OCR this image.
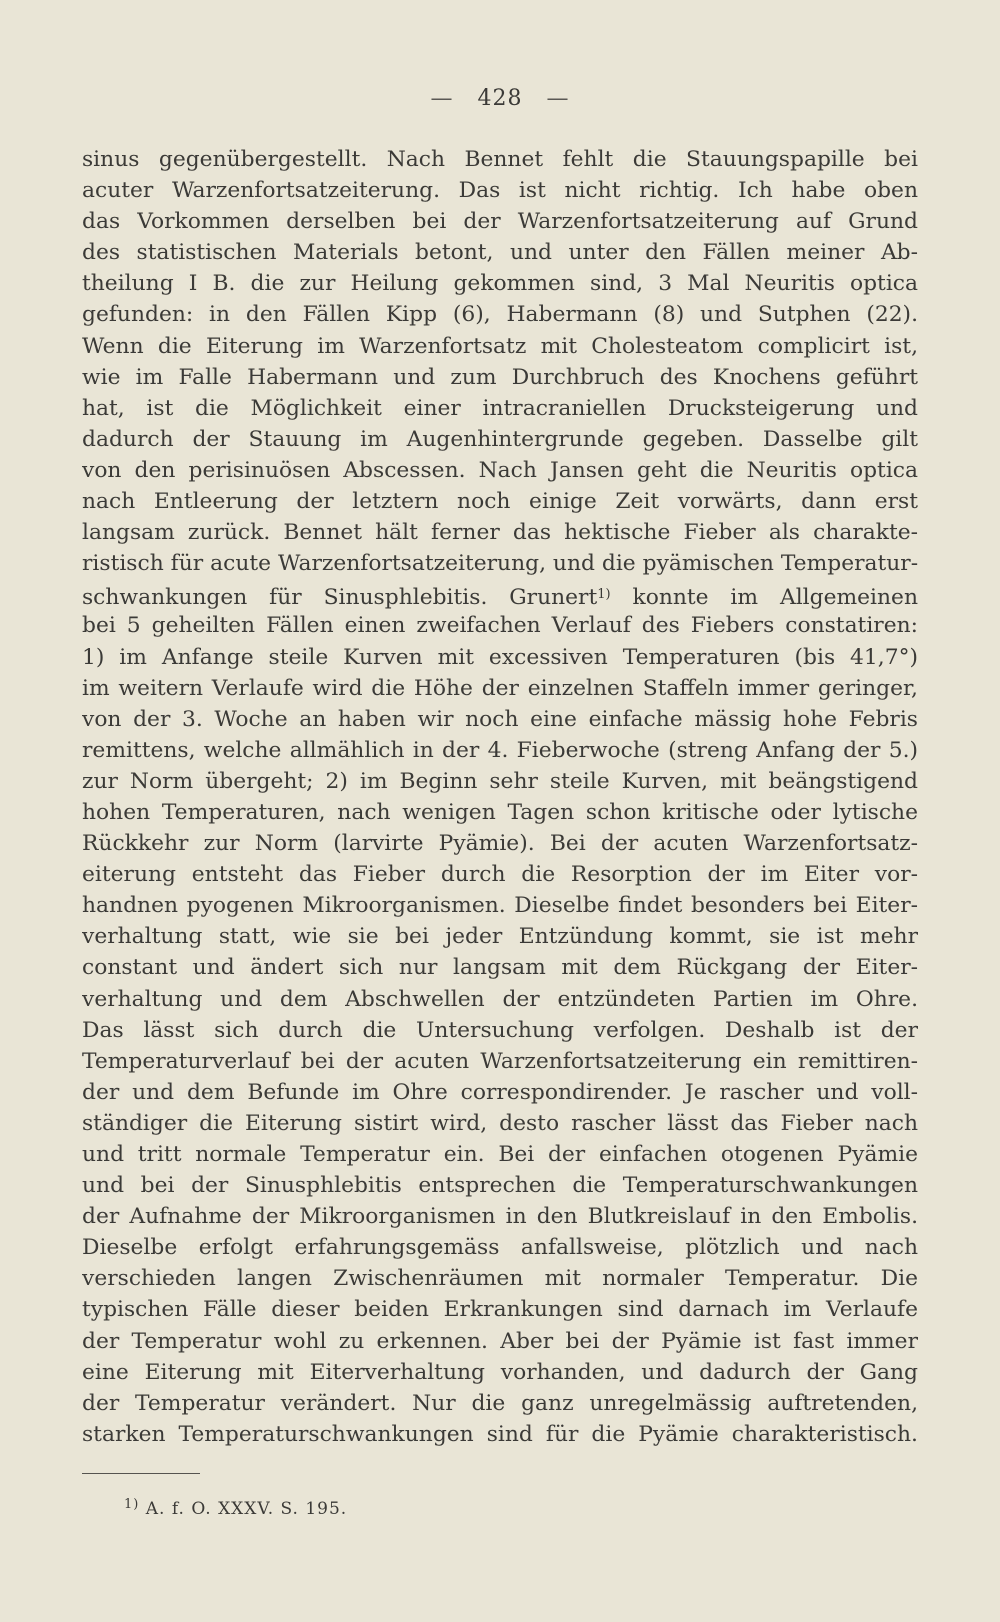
— 428 —
sinus gegenübergestellt. Nach Bennet fehlt die Stauungspapille bei
acuter Warzenfortsatzeiterung. Das ist nicht richtig. Ich habe oben
das Vorkommen derselben bei der Warzenfortsatzeiterung auf Grund
des statistischen Materials betont, und unter den Fällen meiner Ab-
theilung I B. die zur Heilung gekommen sind, 3 Mal Neuritis optica
gefunden: in den Fällen Kipp (6), Habermann (8) und Sutphen (22).
Wenn die Eiterung im Warzenfortsatz mit Cholesteatom complicirt ist,
wie im Falle Habermann und zum Durchbruch des Knochens geführt
hat, ist die Möglichkeit einer intracraniellen Drucksteigerung und
dadurch der Stauung im Augenhintergrunde gegeben. Dasselbe gilt
von den perisinuösen Abscessen. Nach Jansen geht die Neuritis optica
nach Entleerung der letztern noch einige Zeit vorwärts, dann erst
langsam zurück. Bennet hält ferner das hektische Fieber als charakte-
ristisch für acute Warzenfortsatzeiterung, und die pyämischen Temperatur-
schwankungen für Sinusphlebitis. Grunert$^{1)}$ konnte im Allgemeinen
bei 5 geheilten Fällen einen zweifachen Verlauf des Fiebers constatiren:
1) im Anfange steile Kurven mit excessiven Temperaturen (bis 41,7°)
im weitern Verlaufe wird die Höhe der einzelnen Staffeln immer geringer,
von der 3. Woche an haben wir noch eine einfache mässig hohe Febris
remittens, welche allmählich in der 4. Fieberwoche (streng Anfang der 5.)
zur Norm übergeht; 2) im Beginn sehr steile Kurven, mit beängstigend
hohen Temperaturen, nach wenigen Tagen schon kritische oder lytische
Rückkehr zur Norm (larvirte Pyämie). Bei der acuten Warzenfortsatz-
eiterung entsteht das Fieber durch die Resorption der im Eiter vor-
handnen pyogenen Mikroorganismen. Dieselbe findet besonders bei Eiter-
verhaltung statt, wie sie bei jeder Entzündung kommt, sie ist mehr
constant und ändert sich nur langsam mit dem Rückgang der Eiter-
verhaltung und dem Abschwellen der entzündeten Partien im Ohre.
Das lässt sich durch die Untersuchung verfolgen. Deshalb ist der
Temperaturverlauf bei der acuten Warzenfortsatzeiterung ein remittiren-
der und dem Befunde im Ohre correspondirender. Je rascher und voll-
ständiger die Eiterung sistirt wird, desto rascher lässt das Fieber nach
und tritt normale Temperatur ein. Bei der einfachen otogenen Pyämie
und bei der Sinusphlebitis entsprechen die Temperaturschwankungen
der Aufnahme der Mikroorganismen in den Blutkreislauf in den Embolis.
Dieselbe erfolgt erfahrungsgemäss anfallsweise, plötzlich und nach
verschieden langen Zwischenräumen mit normaler Temperatur. Die
typischen Fälle dieser beiden Erkrankungen sind darnach im Verlaufe
der Temperatur wohl zu erkennen. Aber bei der Pyämie ist fast immer
eine Eiterung mit Eiterverhaltung vorhanden, und dadurch der Gang
der Temperatur verändert. Nur die ganz unregelmässig auftretenden,
starken Temperaturschwankungen sind für die Pyämie charakteristisch.
$^{1)}$ A. f. O. XXXV. S. 195.
